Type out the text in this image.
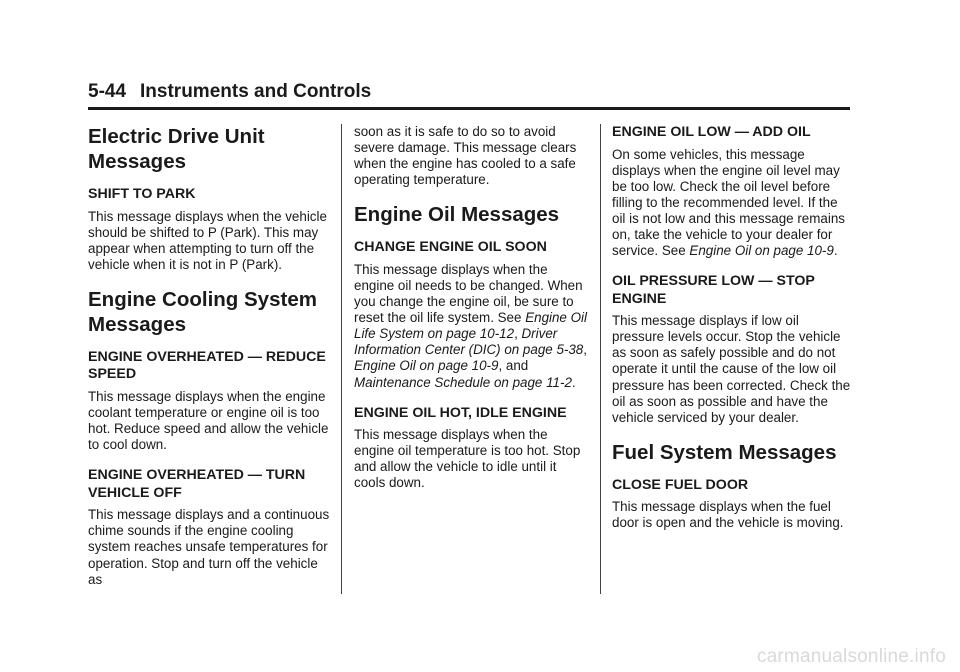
5-44 Instruments and Controls
Electric Drive Unit Messages
SHIFT TO PARK

This message displays when the vehicle should be shifted to P (Park). This may appear when attempting to turn off the vehicle when it is not in P (Park).

Engine Cooling System Messages
ENGINE OVERHEATED — REDUCE SPEED

This message displays when the engine coolant temperature or engine oil is too hot. Reduce speed and allow the vehicle to cool down.

ENGINE OVERHEATED — TURN VEHICLE OFF

This message displays and a continuous chime sounds if the engine cooling system reaches unsafe temperatures for operation. Stop and turn off the vehicle as

soon as it is safe to do so to avoid severe damage. This message clears when the engine has cooled to a safe operating temperature.

Engine Oil Messages
CHANGE ENGINE OIL SOON

This message displays when the engine oil needs to be changed. When you change the engine oil, be sure to reset the oil life system. See Engine Oil Life System on page 10‑12, Driver Information Center (DIC) on page 5‑38, Engine Oil on page 10‑9, and Maintenance Schedule on page 11‑2.

ENGINE OIL HOT, IDLE ENGINE

This message displays when the engine oil temperature is too hot. Stop and allow the vehicle to idle until it cools down.

ENGINE OIL LOW — ADD OIL

On some vehicles, this message displays when the engine oil level may be too low. Check the oil level before filling to the recommended level. If the oil is not low and this message remains on, take the vehicle to your dealer for service. See Engine Oil on page 10‑9.

OIL PRESSURE LOW — STOP ENGINE

This message displays if low oil pressure levels occur. Stop the vehicle as soon as safely possible and do not operate it until the cause of the low oil pressure has been corrected. Check the oil as soon as possible and have the vehicle serviced by your dealer.

Fuel System Messages
CLOSE FUEL DOOR

This message displays when the fuel door is open and the vehicle is moving.

carmanualsonline.info
